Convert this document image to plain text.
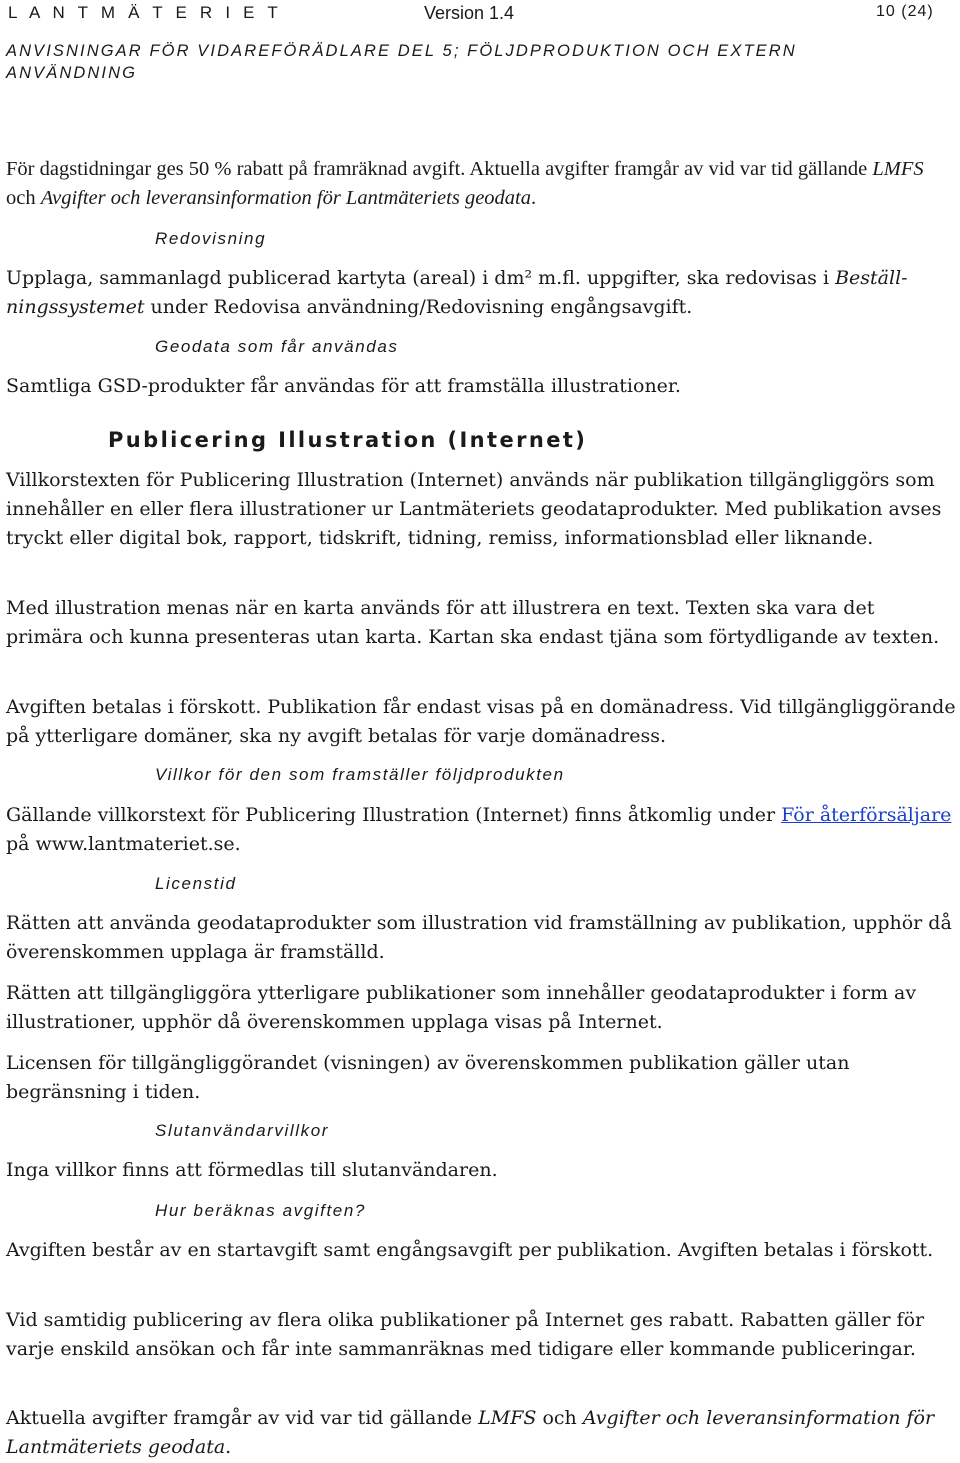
L A N T M Ä T E R I E T	Version 1.4	10 (24)
ANVISNINGAR FÖR VIDAREFÖRÄDLARE DEL 5; FÖLJDPRODUKTION OCH EXTERN ANVÄNDNING

För dagstidningar ges 50 % rabatt på framräknad avgift. Aktuella avgifter framgår av vid var tid gällande LMFS och Avgifter och leveransinformation för Lantmäteriets geodata.

Redovisning

Upplaga, sammanlagd publicerad kartyta (areal) i dm² m.fl. uppgifter, ska redovisas i Beställ-
ningssystemet under Redovisa användning/Redovisning engångsavgift.

Geodata som får användas

Samtliga GSD-produkter får användas för att framställa illustrationer.

Publicering Illustration (Internet)

Villkorstexten för Publicering Illustration (Internet) används när publikation tillgängliggörs som innehåller en eller flera illustrationer ur Lantmäteriets geodataprodukter. Med publikation avses tryckt eller digital bok, rapport, tidskrift, tidning, remiss, informationsblad eller liknande.

Med illustration menas när en karta används för att illustrera en text. Texten ska vara det primära och kunna presenteras utan karta. Kartan ska endast tjäna som förtydligande av texten.

Avgiften betalas i förskott. Publikation får endast visas på en domänadress. Vid tillgängliggörande på ytterligare domäner, ska ny avgift betalas för varje domänadress.

Villkor för den som framställer följdprodukten

Gällande villkorstext för Publicering Illustration (Internet) finns åtkomlig under För återförsäljare på www.lantmateriet.se.

Licenstid

Rätten att använda geodataprodukter som illustration vid framställning av publikation, upphör då överenskommen upplaga är framställd.

Rätten att tillgängliggöra ytterligare publikationer som innehåller geodataprodukter i form av illustrationer, upphör då överenskommen upplaga visas på Internet.

Licensen för tillgängliggörandet (visningen) av överenskommen publikation gäller utan begränsning i tiden.

Slutanvändarvillkor

Inga villkor finns att förmedlas till slutanvändaren.

Hur beräknas avgiften?

Avgiften består av en startavgift samt engångsavgift per publikation. Avgiften betalas i förskott.

Vid samtidig publicering av flera olika publikationer på Internet ges rabatt. Rabatten gäller för varje enskild ansökan och får inte sammanräknas med tidigare eller kommande publiceringar.

Aktuella avgifter framgår av vid var tid gällande LMFS och Avgifter och leveransinformation för Lantmäteriets geodata.
